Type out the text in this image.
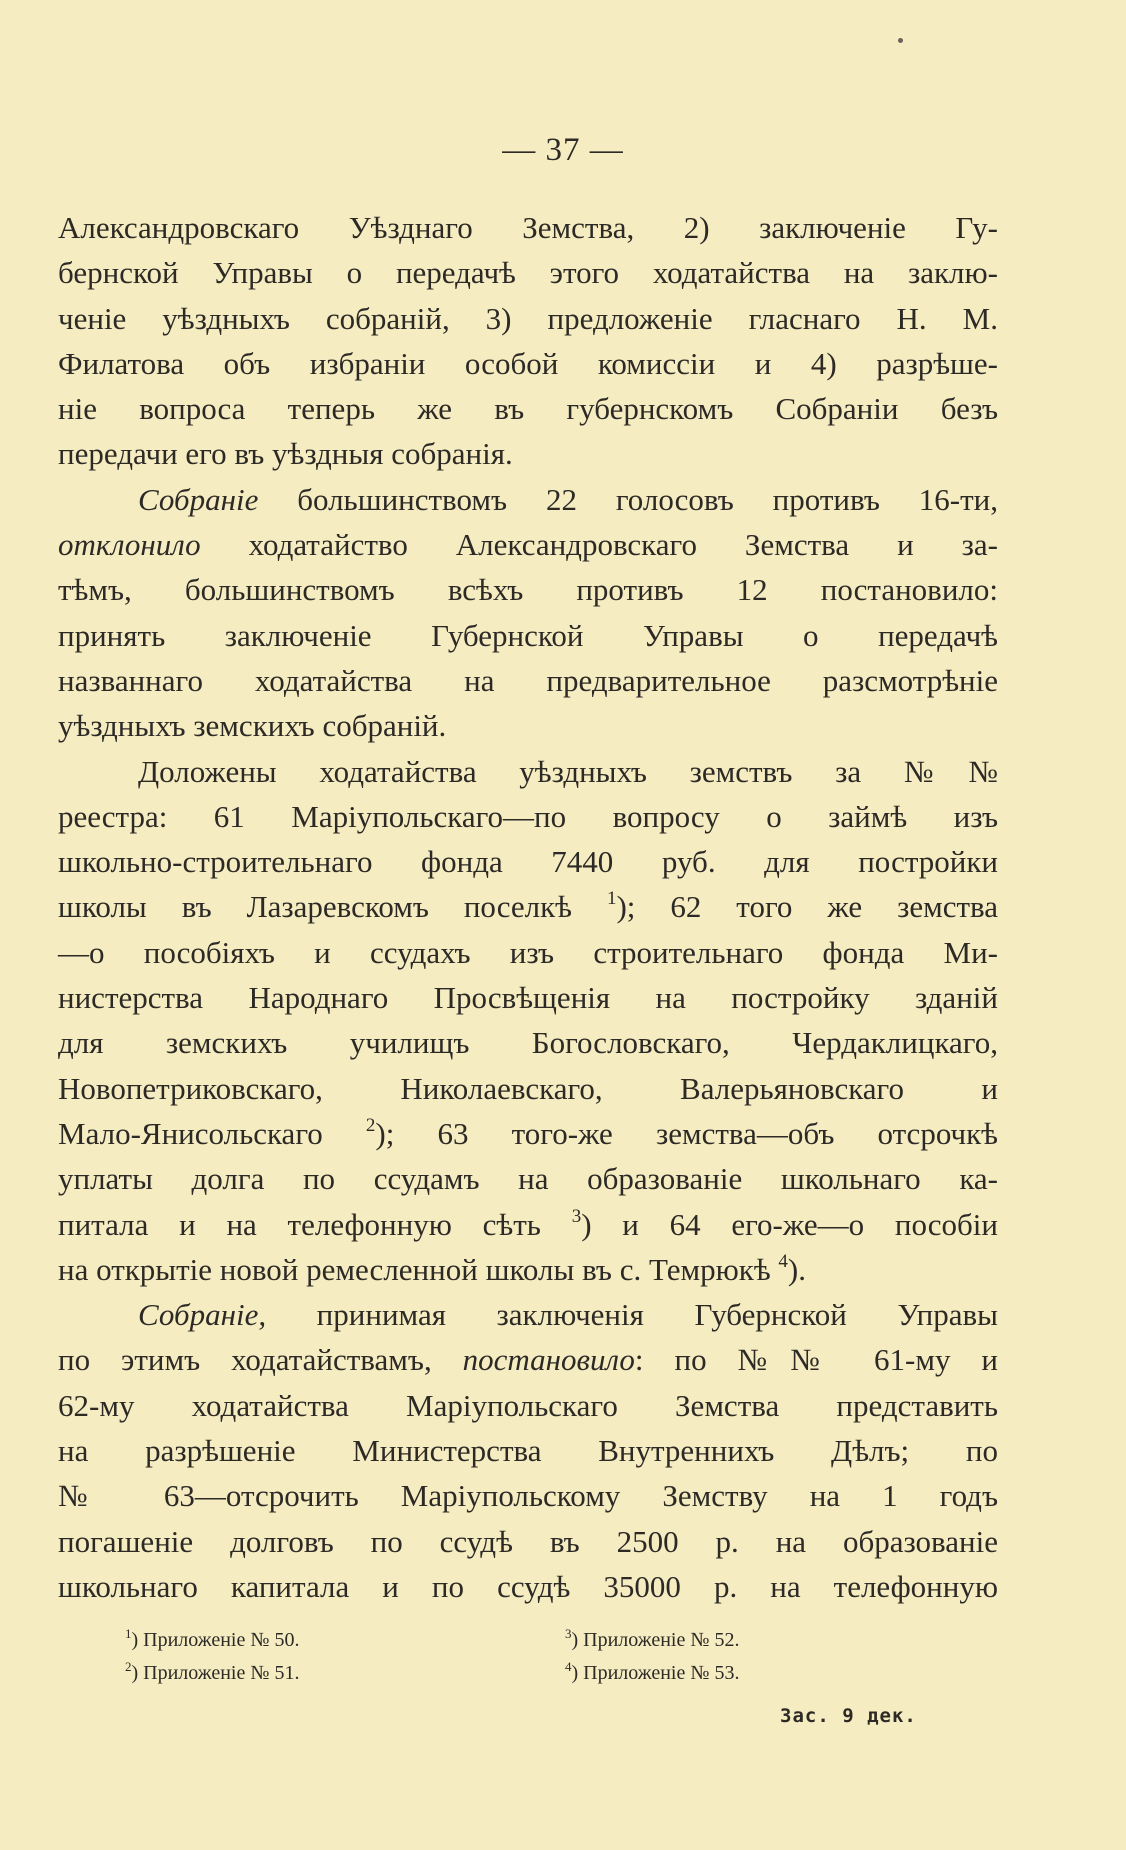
— 37 —
Александровскаго Уѣзднаго Земства, 2) заключеніе Гу-
бернской Управы о передачѣ этого ходатайства на заклю-
ченіе уѣздныхъ собраній, 3) предложеніе гласнаго Н. М.
Филатова объ избраніи особой комиссіи и 4) разрѣше-
ніе вопроса теперь же въ губернскомъ Собраніи безъ
передачи его въ уѣздныя собранія.
Собраніе большинствомъ 22 голосовъ противъ 16-ти,
отклонило ходатайство Александровскаго Земства и за-
тѣмъ, большинствомъ всѣхъ противъ 12 постановило:
принять заключеніе Губернской Управы о передачѣ
названнаго ходатайства на предварительное разсмотрѣніе
уѣздныхъ земскихъ собраній.
Доложены ходатайства уѣздныхъ земствъ за №№
реестра: 61 Маріупольскаго—по вопросу о займѣ изъ
школьно-строительнаго фонда 7440 руб. для постройки
школы въ Лазаревскомъ поселкѣ $^1$); 62 того же земства
—о пособіяхъ и ссудахъ изъ строительнаго фонда Ми-
нистерства Народнаго Просвѣщенія на постройку зданій
для земскихъ училищъ Богословскаго, Чердаклицкаго,
Новопетриковскаго, Николаевскаго, Валерьяновскаго и
Мало-Янисольскаго $^2$); 63 того-же земства—объ отсрочкѣ
уплаты долга по ссудамъ на образованіе школьнаго ка-
питала и на телефонную сѣть $^3$) и 64 его-же—о пособіи
на открытіе новой ремесленной школы въ с. Темрюкѣ $^4$).
Собраніе, принимая заключенія Губернской Управы
по этимъ ходатайствамъ, постановило: по №№ 61-му и
62-му ходатайства Маріупольскаго Земства представить
на разрѣшеніе Министерства Внутреннихъ Дѣлъ; по
№ 63—отсрочить Маріупольскому Земству на 1 годъ
погашеніе долговъ по ссудѣ въ 2500 р. на образованіе
школьнаго капитала и по ссудѣ 35000 р. на телефонную
$^1$) Приложеніе № 50.
$^2$) Приложеніе № 51.
$^3$) Приложеніе № 52.
$^4$) Приложеніе № 53.
Зас. 9 дек.
